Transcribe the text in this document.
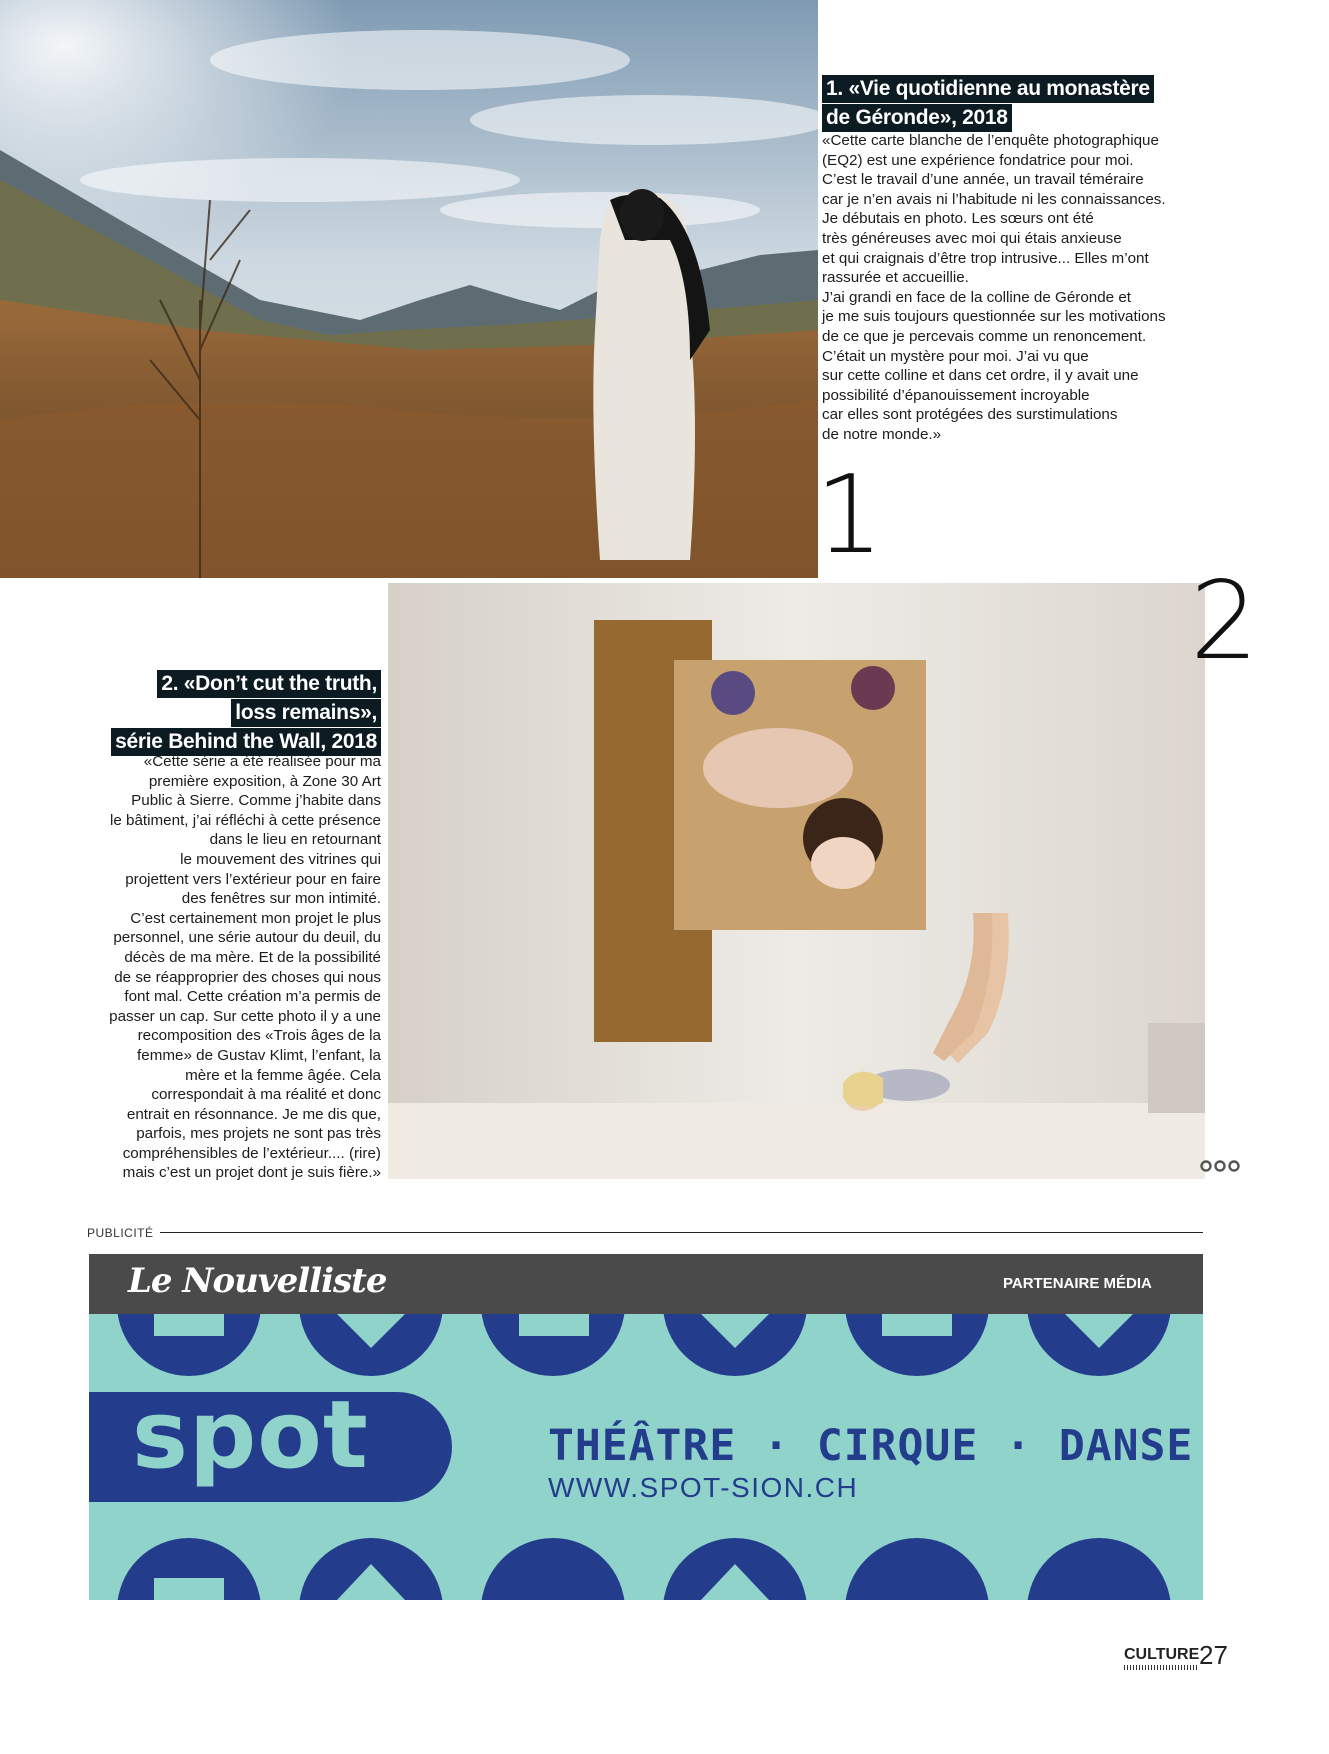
1. «Vie quotidienne au monastère
de Géronde», 2018
«Cette carte blanche de l’enquête photographique
(EQ2) est une expérience fondatrice pour moi.
C’est le travail d’une année, un travail téméraire
car je n’en avais ni l’habitude ni les connaissances.
Je débutais en photo. Les sœurs ont été
très généreuses avec moi qui étais anxieuse
et qui craignais d’être trop intrusive... Elles m’ont
rassurée et accueillie.
J’ai grandi en face de la colline de Géronde et
je me suis toujours questionnée sur les motivations
de ce que je percevais comme un renoncement.
C’était un mystère pour moi. J’ai vu que
sur cette colline et dans cet ordre, il y avait une
possibilité d’épanouissement incroyable
car elles sont protégées des surstimulations
de notre monde.»
1
2
2. «Don’t cut the truth,
loss remains»,
série Behind the Wall, 2018
«Cette série a été réalisée pour ma
première exposition, à Zone 30 Art
Public à Sierre. Comme j’habite dans
le bâtiment, j’ai réfléchi à cette présence
dans le lieu en retournant
le mouvement des vitrines qui
projettent vers l’extérieur pour en faire
des fenêtres sur mon intimité.
C’est certainement mon projet le plus
personnel, une série autour du deuil, du
décès de ma mère. Et de la possibilité
de se réapproprier des choses qui nous
font mal. Cette création m’a permis de
passer un cap. Sur cette photo il y a une
recomposition des «Trois âges de la
femme» de Gustav Klimt, l’enfant, la
mère et la femme âgée. Cela
correspondait à ma réalité et donc
entrait en résonnance. Je me dis que,
parfois, mes projets ne sont pas très
compréhensibles de l’extérieur.... (rire)
mais c’est un projet dont je suis fière.»
PUBLICITÉ
Le Nouvelliste	PARTENAIRE MÉDIA
spot	THÉÂTRE · CIRQUE · DANSE
WWW.SPOT-SION.CH
CULTURE 27
